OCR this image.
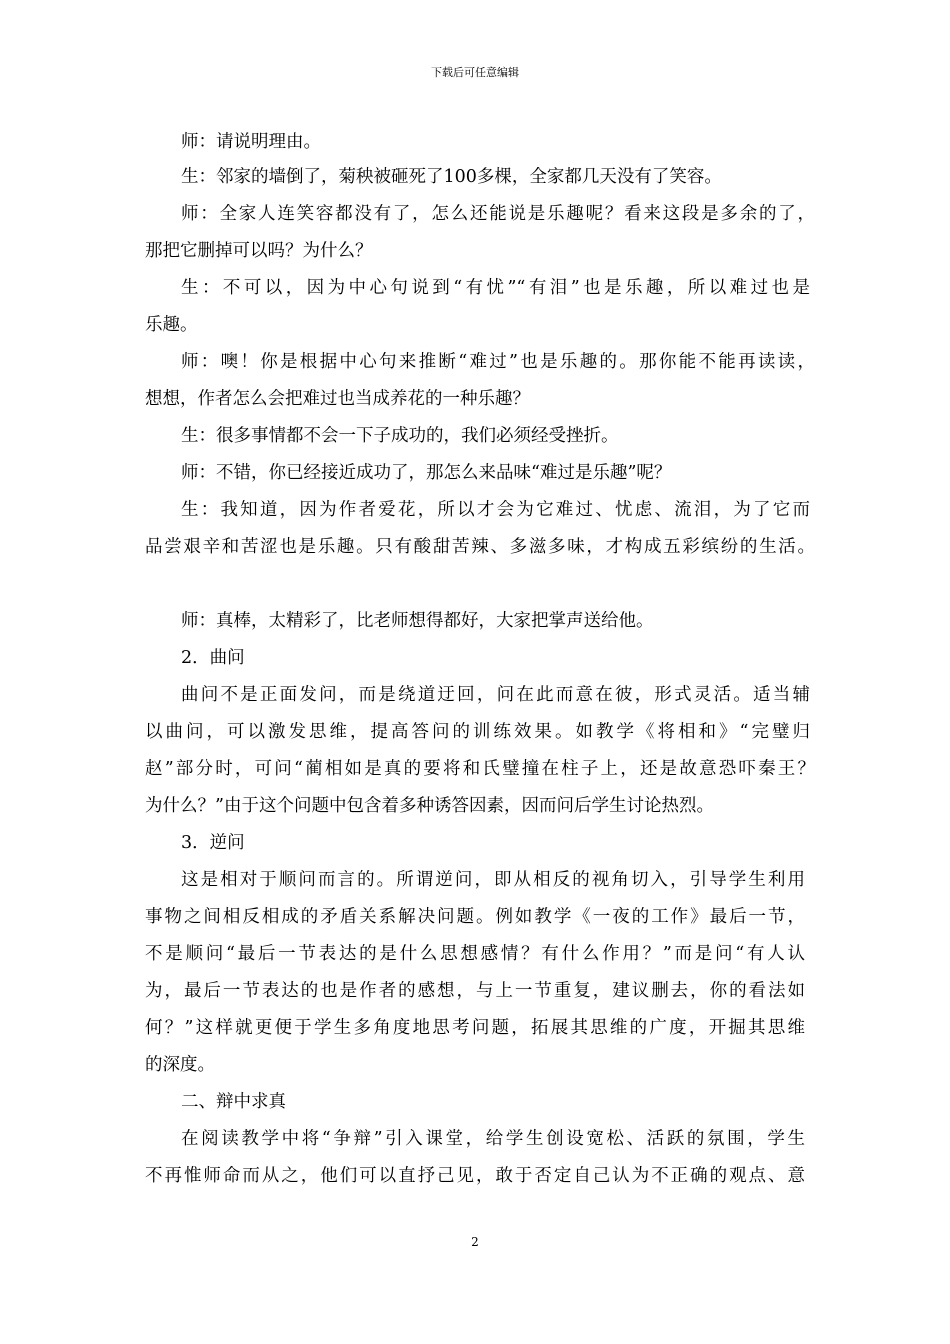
下载后可任意编辑
师：请说明理由。
生：邻家的墙倒了，菊秧被砸死了100多棵，全家都几天没有了笑容。
师：全家人连笑容都没有了，怎么还能说是乐趣呢？看来这段是多余的了，
那把它删掉可以吗？为什么？
生：不可以，因为中心句说到“有忧”“有泪”也是乐趣，所以难过也是
乐趣。
师：噢！你是根据中心句来推断“难过”也是乐趣的。那你能不能再读读，
想想，作者怎么会把难过也当成养花的一种乐趣？
生：很多事情都不会一下子成功的，我们必须经受挫折。
师：不错，你已经接近成功了，那怎么来品味“难过是乐趣”呢？
生：我知道，因为作者爱花，所以才会为它难过、忧虑、流泪，为了它而
品尝艰辛和苦涩也是乐趣。只有酸甜苦辣、多滋多味，才构成五彩缤纷的生活。
师：真棒，太精彩了，比老师想得都好，大家把掌声送给他。
2．曲问
曲问不是正面发问，而是绕道迂回，问在此而意在彼，形式灵活。适当辅
以曲问，可以激发思维，提高答问的训练效果。如教学《将相和》“完璧归
赵”部分时，可问“蔺相如是真的要将和氏璧撞在柱子上，还是故意恐吓秦王？
为什么？”由于这个问题中包含着多种诱答因素，因而问后学生讨论热烈。
3．逆问
这是相对于顺问而言的。所谓逆问，即从相反的视角切入，引导学生利用
事物之间相反相成的矛盾关系解决问题。例如教学《一夜的工作》最后一节，
不是顺问“最后一节表达的是什么思想感情？有什么作用？”而是问“有人认
为，最后一节表达的也是作者的感想，与上一节重复，建议删去，你的看法如
何？”这样就更便于学生多角度地思考问题，拓展其思维的广度，开掘其思维
的深度。
二、辩中求真
在阅读教学中将“争辩”引入课堂，给学生创设宽松、活跃的氛围，学生
不再惟师命而从之，他们可以直抒己见，敢于否定自己认为不正确的观点、意
2
